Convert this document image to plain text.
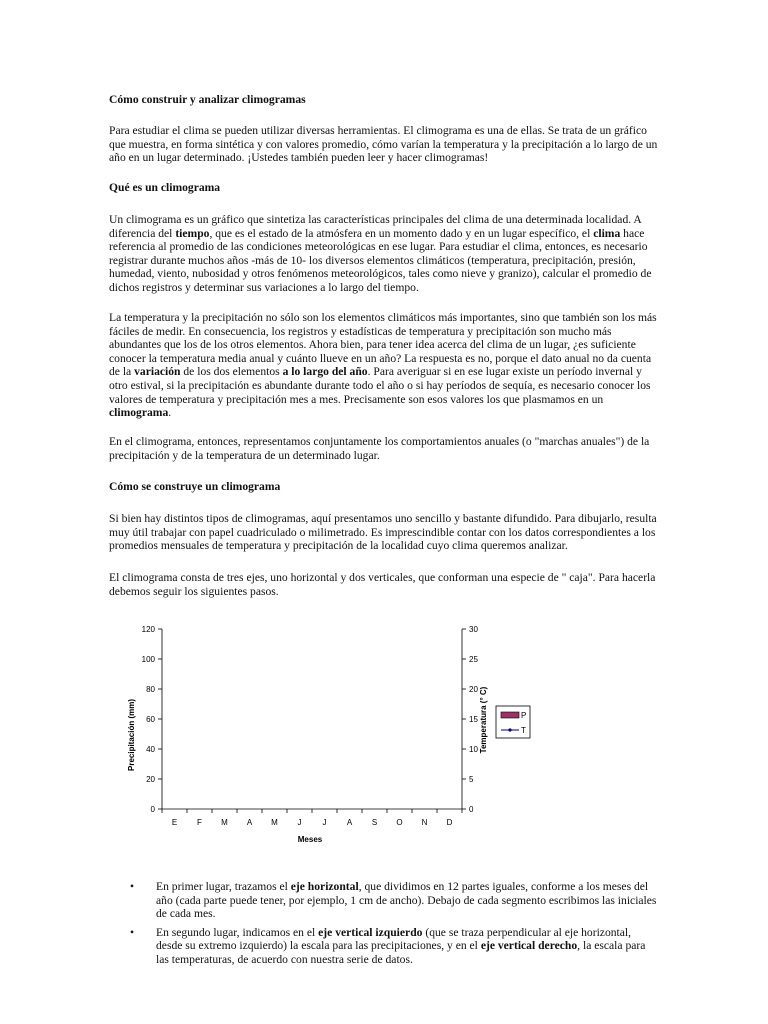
Cómo construir y analizar climogramas

Para estudiar el clima se pueden utilizar diversas herramientas. El climograma es una de ellas. Se trata de un gráfico que muestra, en forma sintética y con valores promedio, cómo varían la temperatura y la precipitación a lo largo de un año en un lugar determinado. ¡Ustedes también pueden leer y hacer climogramas!

Qué es un climograma

Un climograma es un gráfico que sintetiza las características principales del clima de una determinada localidad. A diferencia del tiempo, que es el estado de la atmósfera en un momento dado y en un lugar específico, el clima hace referencia al promedio de las condiciones meteorológicas en ese lugar. Para estudiar el clima, entonces, es necesario registrar durante muchos años -más de 10- los diversos elementos climáticos (temperatura, precipitación, presión, humedad, viento, nubosidad y otros fenómenos meteorológicos, tales como nieve y granizo), calcular el promedio de dichos registros y determinar sus variaciones a lo largo del tiempo.

La temperatura y la precipitación no sólo son los elementos climáticos más importantes, sino que también son los más fáciles de medir. En consecuencia, los registros y estadísticas de temperatura y precipitación son mucho más abundantes que los de los otros elementos. Ahora bien, para tener idea acerca del clima de un lugar, ¿es suficiente conocer la temperatura media anual y cuánto llueve en un año? La respuesta es no, porque el dato anual no da cuenta de la variación de los dos elementos a lo largo del año. Para averiguar si en ese lugar existe un período invernal y otro estival, si la precipitación es abundante durante todo el año o si hay períodos de sequía, es necesario conocer los valores de temperatura y precipitación mes a mes. Precisamente son esos valores los que plasmamos en un climograma.

En el climograma, entonces, representamos conjuntamente los comportamientos anuales (o "marchas anuales") de la precipitación y de la temperatura de un determinado lugar.

Cómo se construye un climograma

Si bien hay distintos tipos de climogramas, aquí presentamos uno sencillo y bastante difundido. Para dibujarlo, resulta muy útil trabajar con papel cuadriculado o milimetrado. Es imprescindible contar con los datos correspondientes a los promedios mensuales de temperatura y precipitación de la localidad cuyo clima queremos analizar.

El climograma consta de tres ejes, uno horizontal y dos verticales, que conforman una especie de " caja". Para hacerla debemos seguir los siguientes pasos.

0
20
40
60
80
100
120
0
5
10
15
20
25
30
E F M A M J	J	A S O N D
Precipitación (mm)	Temperatura (° C)
Meses
P
T
• En primer lugar, trazamos el eje horizontal, que dividimos en 12 partes iguales, conforme a los meses del año (cada parte puede tener, por ejemplo, 1 cm de ancho). Debajo de cada segmento escribimos las iniciales de cada mes.
• En segundo lugar, indicamos en el eje vertical izquierdo (que se traza perpendicular al eje horizontal, desde su extremo izquierdo) la escala para las precipitaciones, y en el eje vertical derecho, la escala para las temperaturas, de acuerdo con nuestra serie de datos.
